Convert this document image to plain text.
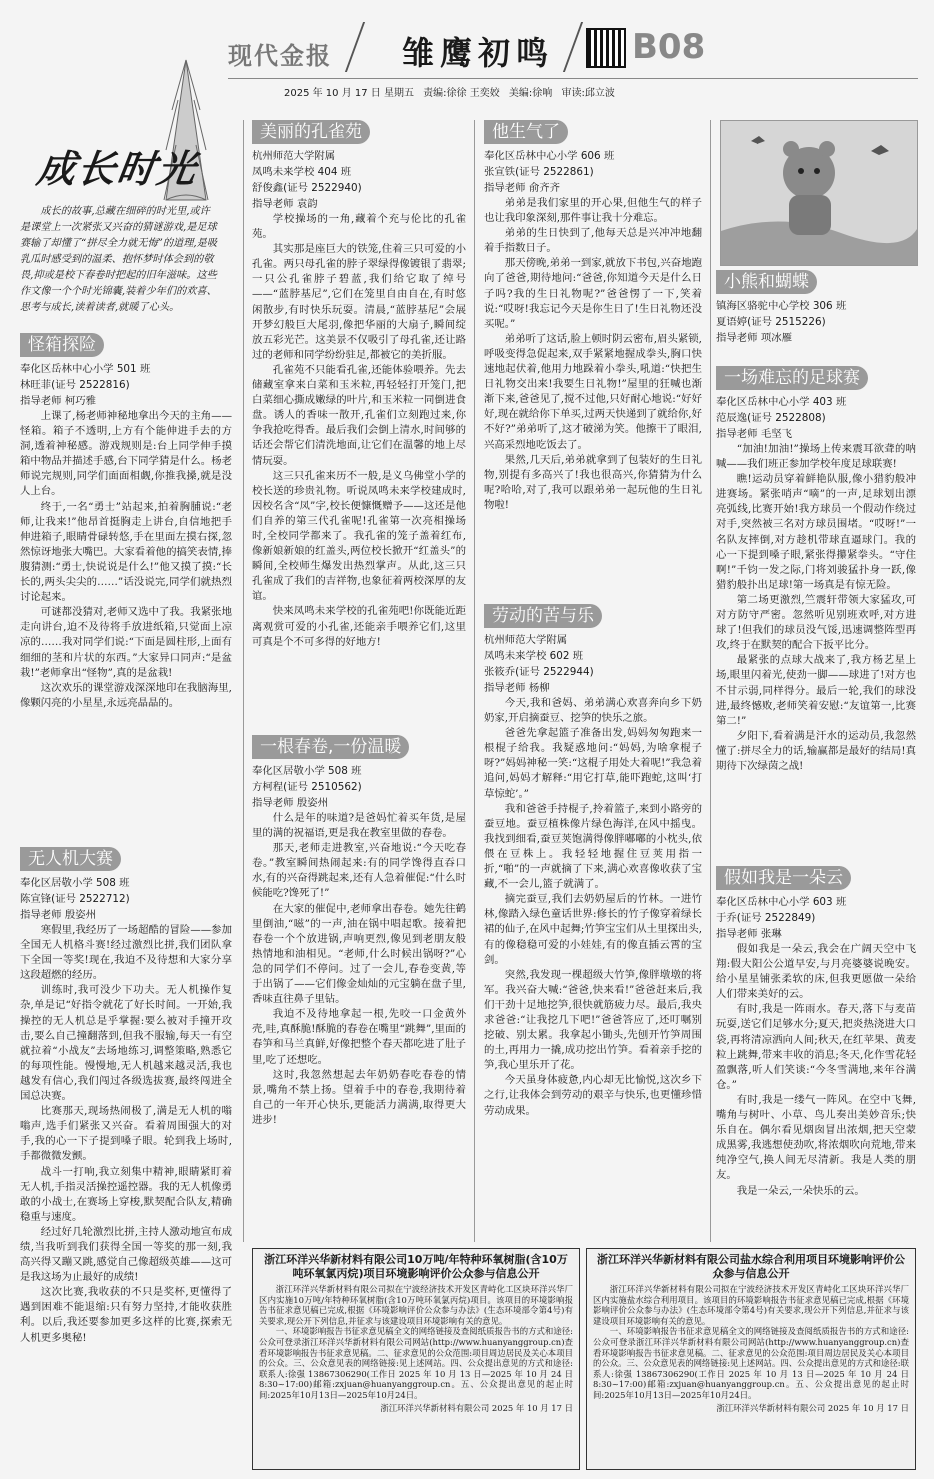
现代金报 雏鹰初鸣 B08
2025 年 10 月 17 日 星期五 责编:徐徐 王奕姣 美编:徐响 审读:邱立波
成长时光
成长的故事,总藏在细碎的时光里,或许是课堂上一次紧张又兴奋的猜谜游戏,是足球赛输了却懂了“拼尽全力就无悔”的道理,是吸乳瓜时感受到的温柔、抱怀梦时体会到的敬畏,抑或是校下春卷时把起的旧年滋味。这些作文像一个个时光锦囊,装着少年们的欢喜、思考与成长,读着读者,就暖了心头。
怪箱探险
奉化区岳林中心小学 501 班
林旺菲(证号 2522816)
指导老师 柯巧雅

上课了,杨老师神秘地拿出今天的主角——怪箱。箱子不透明,上方有个能伸进手去的方洞,透着神秘感。游戏规则是:台上同学伸手摸箱中物品并描述手感,台下同学猜是什么。杨老师说完规则,同学们面面相觑,你推我搡,就是没人上台。

终于,一名“勇士”站起来,拍着胸脯说:“老师,让我来!”他昂首挺胸走上讲台,自信地把手伸进箱子,眼睛骨碌转悠,手在里面左摸右探,忽然惊讶地张大嘴巴。大家看着他的搞笑表情,捧腹猜测:“勇士,快说说是什么!”他又摸了摸:“长长的,两头尖尖的……”话没说完,同学们就热烈讨论起来。

可谜都没猜对,老师又选中了我。我紧张地走向讲台,迫不及待将手放进纸箱,只觉面上凉凉的……我对同学们说:“下面是圆柱形,上面有细细的茎和片状的东西。”大家异口同声:“是盆栽!”老师拿出“怪物”,真的是盆栽!

这次欢乐的课堂游戏深深地印在我脑海里,像颗闪亮的小星星,永远亮晶晶的。

无人机大赛
奉化区居敬小学 508 班
陈宣锋(证号 2522712)
指导老师 殷姿州

寒假里,我经历了一场超酷的冒险——参加全国无人机格斗赛!经过激烈比拼,我们团队拿下全国一等奖!现在,我迫不及待想和大家分享这段超燃的经历。

训练时,我可没少下功夫。无人机操作复杂,单是记“好指令就花了好长时间。一开始,我操控的无人机总是乎掌握:要么被对手撞开攻击,要么自己撞翻落到,但我不服输,每天一有空就拉着“小战友”去场地练习,调整策略,熟悉它的每项性能。慢慢地,无人机越来越灵活,我也越发有信心,我们闯过各级选拔赛,最终闯进全国总决赛。

比赛那天,现场热闹极了,满是无人机的嗡嗡声,选手们紧张又兴奋。看着周围强大的对手,我的心一下子提到嗓子眼。轮到我上场时,手都微微发颤。

战斗一打响,我立刻集中精神,眼睛紧盯着无人机,手指灵活操控遥控器。我的无人机像勇敢的小战士,在赛场上穿梭,默契配合队友,精确稳重与速度。

经过好几轮激烈比拼,主持人激动地宣布成绩,当我听到我们获得全国一等奖的那一刻,我高兴得又蹦又跳,感觉自己像超级英雄——这可是我这场为止最好的成绩!

这次比赛,我收获的不只是奖杯,更懂得了遇到困难不能退缩:只有努力坚持,才能收获胜利。以后,我还要参加更多这样的比赛,探索无人机更多奥秘!

美丽的孔雀苑
杭州师范大学附属
凤鸣未来学校 404 班
舒俊鑫(证号 2522940)
指导老师 袁韵

学校操场的一角,藏着个充与伦比的孔雀苑。

其实那是座巨大的铁笼,住着三只可爱的小孔雀。两只母孔雀的脖子翠绿得像镀银了翡翠;一只公孔雀脖子碧蓝,我们给它取了绰号——“蓝脖基尼”,它们在笼里自由自在,有时悠闲散步,有时快乐玩耍。清晨,“蓝脖基尼”会展开梦幻般巨大尾羽,像把华丽的大扇子,瞬间绽放五彩光芒。这美景不仅吸引了母孔雀,还让路过的老师和同学纷纷驻足,都被它的美折服。

孔雀苑不只能看孔雀,还能体验喂养。先去储藏室拿来白菜和玉米粒,再轻轻打开笼门,把白菜细心撕成嫩绿的叶片,和玉米粒一同倒进食盘。诱人的香味一散开,孔雀们立刻跑过来,你争我抢吃得香。最后我们会倒上清水,时间够的话还会帮它们清洗地面,让它们在温馨的地上尽情玩耍。

这三只孔雀来历不一般,是义乌佛堂小学的校长送的珍贵礼物。听说凤鸣未来学校建成时,因校名含“凤”字,校长便慷慨赠予——这还是他们自养的第三代孔雀呢!孔雀第一次亮相操场时,全校同学都来了。我孔雀的笼子盖着红布,像新娘新娘的红盖头,两位校长掀开“红盖头”的瞬间,全校师生爆发出热烈掌声。从此,这三只孔雀成了我们的吉祥物,也象征着两校深厚的友谊。

快来凤鸣未来学校的孔雀苑吧!你既能近距离观赏可爱的小孔雀,还能亲手喂养它们,这里可真是个不可多得的好地方!

一根春卷,一份温暖
奉化区居敬小学 508 班
方柯程(证号 2510562)
指导老师 殷姿州

什么是年的味道?是爸妈忙着买年货,是屋里的满的祝福语,更是我在教室里做的春卷。

那天,老师走进教室,兴奋地说:“今天吃春卷。”教室瞬间热闹起来:有的同学馋得直吞口水,有的兴奋得跳起来,还有人急着催促:“什么时候能吃?馋死了!”

在大家的催促中,老师拿出春卷。她先往鹤里倒油,“嗞”的一声,油在锅中唱起歌。接着把春卷一个个放进锅,声响更烈,像见到老朋友般热情地和油相见。“老师,什么时候出锅呀?”心急的同学们不停问。过了一会儿,春卷变黄,等于出锅了——它们像金灿灿的元宝躺在盘子里,香味直往鼻子里钻。

我迫不及待地拿起一根,先咬一口金黄外壳,哇,真酥脆!酥脆的春卷在嘴里“跳舞”,里面的春笋和马兰真鲜,好像把整个春天都吃进了肚子里,吃了还想吃。

这时,我忽然想起去年奶奶春吃春卷的情景,嘴角不禁上扬。望着手中的春卷,我期待着自己的一年开心快乐,更能活力满满,取得更大进步!

他生气了
奉化区岳林中心小学 606 班
张宣铁(证号 2522861)
指导老师 俞齐齐

弟弟是我们家里的开心果,但他生气的样子也让我印象深刻,那件事让我十分难忘。

弟弟的生日快到了,他每天总是兴冲冲地翻着手指数日子。

那天傍晚,弟弟一到家,就放下书包,兴奋地跑向了爸爸,期待地问:“爸爸,你知道今天是什么日子吗?我的生日礼物呢?”爸爸愣了一下,笑着说:“哎呀!我忘记今天是你生日了!生日礼物还没买呢。”

弟弟听了这话,脸上顿时阴云密布,眉头紧锁,呼吸变得急促起来,双手紧紧地握成拳头,胸口快速地起伏着,他用力地跺着小拳头,吼道:“快把生日礼物交出来!我要生日礼物!”屋里的狂喊也渐渐下来,爸爸见了,搅不过他,只好耐心地说:“好好好,现在就给你下单买,过两天快递到了就给你,好不好?”弟弟听了,这才破涕为笑。他擦干了眼泪,兴高采烈地吃饭去了。

果然,几天后,弟弟就拿到了包装好的生日礼物,别提有多高兴了!我也很高兴,你猜猜为什么呢?哈哈,对了,我可以跟弟弟一起玩他的生日礼物啦!

劳动的苦与乐
杭州师范大学附属
凤鸣未来学校 602 班
张筱乔(证号 2522944)
指导老师 杨柳

今天,我和爸妈、弟弟满心欢喜奔向乡下奶奶家,开启摘蚕豆、挖笋的快乐之旅。

爸爸先拿起篮子准备出发,妈妈匆匆跑来一根棍子给我。我疑惑地问:“妈妈,为啥拿棍子呀?”妈妈神秘一笑:“这棍子用处大着呢!”我急着追问,妈妈才解释:“用它打草,能吓跑蛇,这叫‘打草惊蛇’。”

我和爸爸手持棍子,拎着篮子,来到小路旁的蚕豆地。蚕豆植株像片绿色海洋,在风中摇曳。我找到细看,蚕豆荚饱满得像胖嘟嘟的小枕头,依偎在豆株上。我轻轻地握住豆荚用指一折,“啪”的一声就摘了下来,满心欢喜像收获了宝藏,不一会儿,篮子就满了。

摘完蚕豆,我们去奶奶屋后的竹林。一进竹林,像踏入绿色童话世界:修长的竹子像穿着绿长裙的仙子,在风中起舞;竹笋宝宝们从土里探出头,有的像稳稳可爱的小娃娃,有的像直插云霄的宝剑。

突然,我发现一棵超级大竹笋,像胖墩墩的将军。我兴奋大喊:“爸爸,快来看!”爸爸赶来后,我们干劲十足地挖笋,很快就筋疲力尽。最后,我央求爸爸:“让我挖几下吧!”爸爸答应了,还叮嘱别挖破、别太累。我拿起小锄头,先刨开竹笋周围的土,再用力一撬,成功挖出竹笋。看着亲手挖的笋,我心里乐开了花。

今天虽身体疲惫,内心却无比愉悦,这次乡下之行,让我体会到劳动的艰辛与快乐,也更懂珍惜劳动成果。

小熊和蝴蝶
镇海区骆驼中心学校 306 班
夏语婷(证号 2515226)
指导老师 项冰雁
一场难忘的足球赛
奉化区岳林中心小学 403 班
范辰逸(证号 2522808)
指导老师 毛坚飞

“加油!加油!”操场上传来震耳欲聋的呐喊——我们班正参加学校年度足球联赛!

瞧!运动员穿着鲜艳队服,像小猎豹般冲进赛场。紧张哨声“嘀”的一声,足球划出漂亮弧线,比赛开始!我方球员一个假动作绕过对手,突然被三名对方球员围堵。“哎呀!”一名队友摔倒,对方趁机带球直逼球门。我的心一下提到嗓子眼,紧张得攥紧拳头。“守住啊!”千钧一发之际,门将刘骏猛扑身一跃,像猎豹般扑出足球!第一场真是有惊无险。

第二场更激烈,竺震轩带领大家猛攻,可对方防守严密。忽然听见别班欢呼,对方进球了!但我们的球员没气馁,迅速调整阵型再攻,终于在默契的配合下扳平比分。

最紧张的点球大战来了,我方杨艺星上场,眼里闪着光,使劲一脚——球进了!对方也不甘示弱,同样得分。最后一轮,我们的球没进,最终憾败,老师笑着安慰:“友谊第一,比赛第二!”

夕阳下,看着满是汗水的运动员,我忽然懂了:拼尽全力的话,输赢都是最好的结局!真期待下次绿茵之战!

假如我是一朵云
奉化区岳林中心小学 603 班
于乔(证号 2522849)
指导老师 张琳

假如我是一朵云,我会在广阔天空中飞翔:假大阳公公道早安,与月亮婆婆说晚安。给小星星铺张柔软的床,但我更愿做一朵给人们带来美好的云。

有时,我是一阵雨水。春天,落下与麦苗玩耍,送它们足够水分;夏天,把炎热浇进大口袋,再将清凉洒向人间;秋天,在红苹果、黄麦粒上跳舞,带来丰收的消息;冬天,化作雪花轻盈飘落,听人们笑谈:“今冬雪满地,来年谷满仓。”

有时,我是一缕气一阵风。在空中飞舞,嘴角与树叶、小草、鸟儿奏出美妙音乐;快乐自在。偶尔看见烟囱冒出浓烟,把天空蒙成黑雾,我逃想使劲吹,将浓烟吹向荒地,带来纯净空气,换人间无尽清新。我是人类的朋友。

我是一朵云,一朵快乐的云。

浙江环洋兴华新材料有限公司10万吨/年特种环氧树脂(含10万吨环氧氯丙烷)项目环境影响评价公众参与信息公开

浙江环洋兴华新材料有限公司拟在宁波经济技术开发区青峙化工区块环洋兴华厂区内实施10万吨/年特种环氧树脂(含10万吨环氧氯丙烷)项目。该项目的环境影响报告书征求意见稿已完成,根据《环境影响评价公众参与办法》(生态环境部令第4号)有关要求,现公开下列信息,并征求与该建设项目环境影响有关的意见。

一、环境影响报告书征求意见稿全文的网络链接及查阅纸质报告书的方式和途径:公众可登录浙江环洋兴华新材料有限公司网站(http://www.huanyanggroup.cn)查看环境影响报告书征求意见稿。二、征求意见的公众范围:项目周边居民及关心本项目的公众。三、公众意见表的网络链接:见上述网站。四、公众提出意见的方式和途径:联系人:徐强 13867306290(工作日 2025 年 10 月 13 日—2025 年 10 月 24 日 8:30~17:00)邮箱:zxjuan@huanyanggroup.cn。五、公众提出意见的起止时间:2025年10月13日—2025年10月24日。

浙江环洋兴华新材料有限公司 2025 年 10 月 17 日
浙江环洋兴华新材料有限公司盐水综合利用项目环境影响评价公众参与信息公开

浙江环洋兴华新材料有限公司拟在宁波经济技术开发区青峙化工区块环洋兴华厂区内实施盐水综合利用项目。该项目的环境影响报告书征求意见稿已完成,根据《环境影响评价公众参与办法》(生态环境部令第4号)有关要求,现公开下列信息,并征求与该建设项目环境影响有关的意见。

一、环境影响报告书征求意见稿全文的网络链接及查阅纸质报告书的方式和途径:公众可登录浙江环洋兴华新材料有限公司网站(http://www.huanyanggroup.cn)查看环境影响报告书征求意见稿。二、征求意见的公众范围:项目周边居民及关心本项目的公众。三、公众意见表的网络链接:见上述网站。四、公众提出意见的方式和途径:联系人:徐强 13867306290(工作日 2025 年 10 月 13 日—2025 年 10 月 24 日 8:30~17:00)邮箱:zxjuan@huanyanggroup.cn。五、公众提出意见的起止时间:2025年10月13日—2025年10月24日。

浙江环洋兴华新材料有限公司 2025 年 10 月 17 日
